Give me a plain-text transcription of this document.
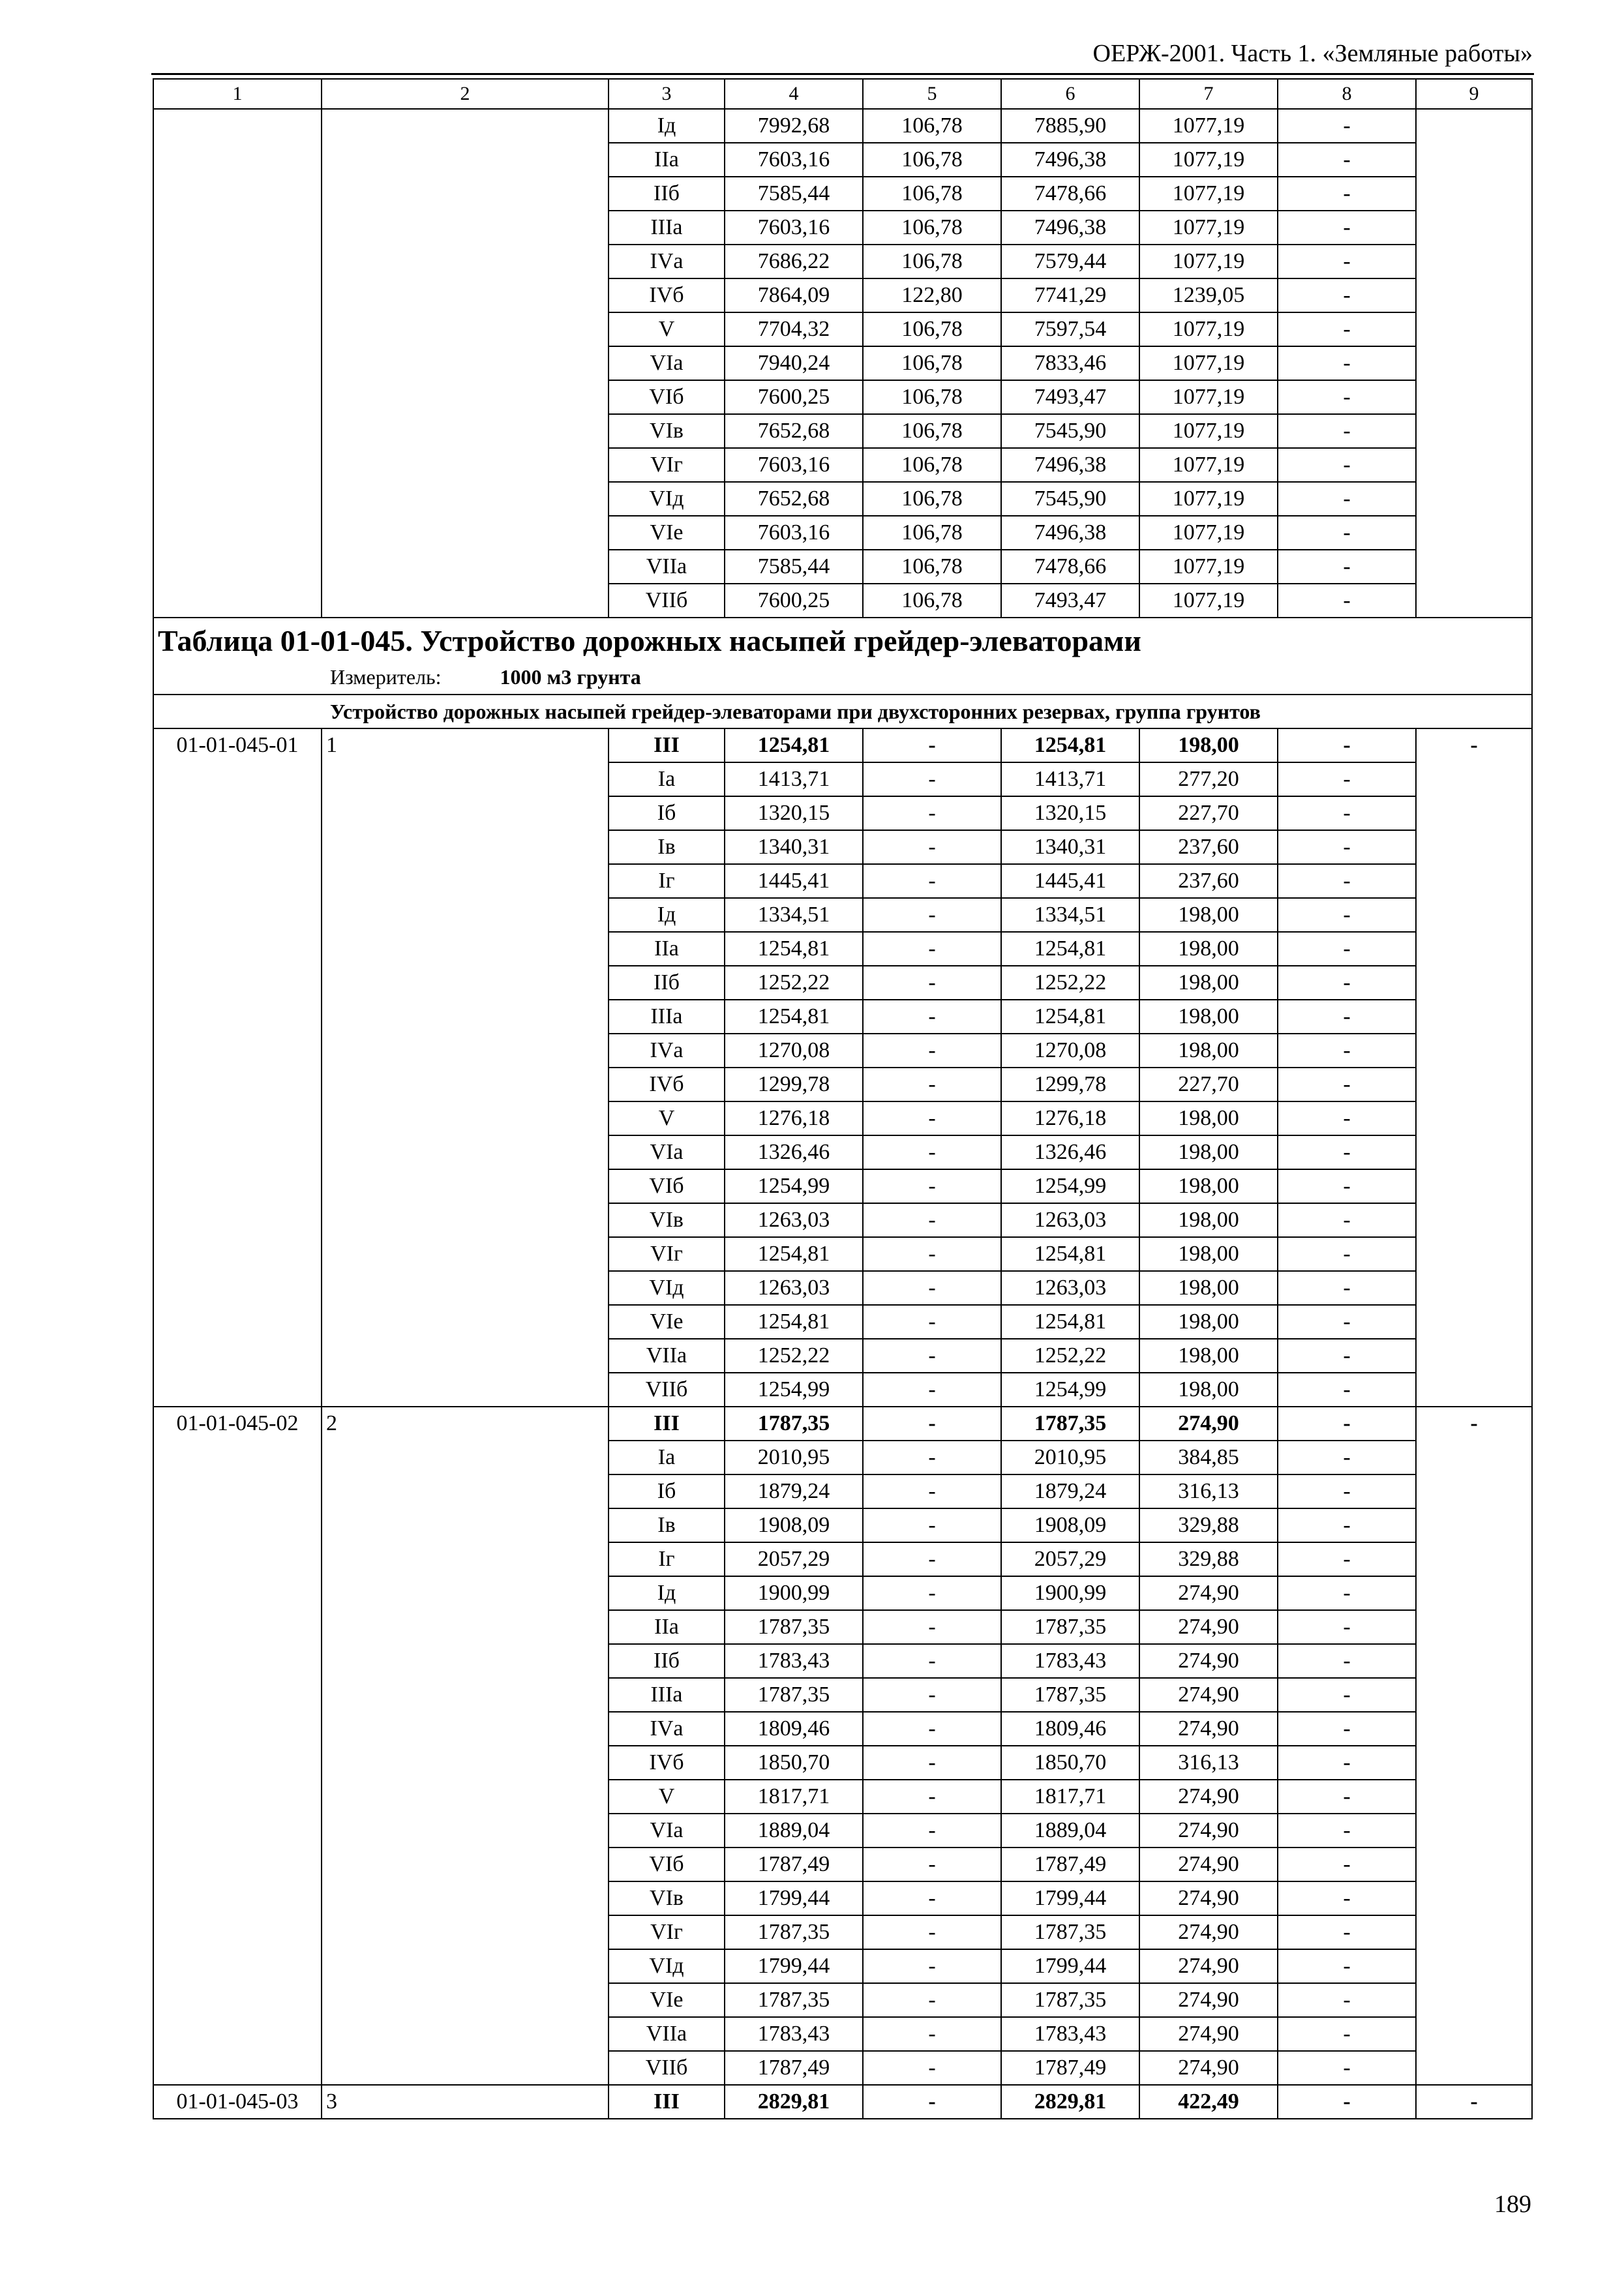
ОЕРЖ-2001. Часть 1. «Земляные работы»
1	2	3	4	5	6	7	8	9
		Iд	7992,68	106,78	7885,90	1077,19	-	
		IIа	7603,16	106,78	7496,38	1077,19	-	
		IIб	7585,44	106,78	7478,66	1077,19	-	
		IIIа	7603,16	106,78	7496,38	1077,19	-	
		IVа	7686,22	106,78	7579,44	1077,19	-	
		IVб	7864,09	122,80	7741,29	1239,05	-	
		V	7704,32	106,78	7597,54	1077,19	-	
		VIа	7940,24	106,78	7833,46	1077,19	-	
		VIб	7600,25	106,78	7493,47	1077,19	-	
		VIв	7652,68	106,78	7545,90	1077,19	-	
		VIг	7603,16	106,78	7496,38	1077,19	-	
		VIд	7652,68	106,78	7545,90	1077,19	-	
		VIе	7603,16	106,78	7496,38	1077,19	-	
		VIIа	7585,44	106,78	7478,66	1077,19	-	
		VIIб	7600,25	106,78	7493,47	1077,19	-	

Таблица 01-01-045. Устройство дорожных насыпей грейдер-элеваторами
Измеритель: 1000 м3 грунта								

Устройство дорожных насыпей грейдер-элеваторами при двухсторонних резервах, группа грунтов								
01-01-045-01	1	III	1254,81	-	1254,81	198,00	-	-
		Iа	1413,71	-	1413,71	277,20	-	
		Iб	1320,15	-	1320,15	227,70	-	
		Iв	1340,31	-	1340,31	237,60	-	
		Iг	1445,41	-	1445,41	237,60	-	
		Iд	1334,51	-	1334,51	198,00	-	
		IIа	1254,81	-	1254,81	198,00	-	
		IIб	1252,22	-	1252,22	198,00	-	
		IIIа	1254,81	-	1254,81	198,00	-	
		IVа	1270,08	-	1270,08	198,00	-	
		IVб	1299,78	-	1299,78	227,70	-	
		V	1276,18	-	1276,18	198,00	-	
		VIа	1326,46	-	1326,46	198,00	-	
		VIб	1254,99	-	1254,99	198,00	-	
		VIв	1263,03	-	1263,03	198,00	-	
		VIг	1254,81	-	1254,81	198,00	-	
		VIд	1263,03	-	1263,03	198,00	-	
		VIе	1254,81	-	1254,81	198,00	-	
		VIIа	1252,22	-	1252,22	198,00	-	
		VIIб	1254,99	-	1254,99	198,00	-	
01-01-045-02	2	III	1787,35	-	1787,35	274,90	-	-
		Iа	2010,95	-	2010,95	384,85	-	
		Iб	1879,24	-	1879,24	316,13	-	
		Iв	1908,09	-	1908,09	329,88	-	
		Iг	2057,29	-	2057,29	329,88	-	
		Iд	1900,99	-	1900,99	274,90	-	
		IIа	1787,35	-	1787,35	274,90	-	
		IIб	1783,43	-	1783,43	274,90	-	
		IIIа	1787,35	-	1787,35	274,90	-	
		IVа	1809,46	-	1809,46	274,90	-	
		IVб	1850,70	-	1850,70	316,13	-	
		V	1817,71	-	1817,71	274,90	-	
		VIа	1889,04	-	1889,04	274,90	-	
		VIб	1787,49	-	1787,49	274,90	-	
		VIв	1799,44	-	1799,44	274,90	-	
		VIг	1787,35	-	1787,35	274,90	-	
		VIд	1799,44	-	1799,44	274,90	-	
		VIе	1787,35	-	1787,35	274,90	-	
		VIIа	1783,43	-	1783,43	274,90	-	
		VIIб	1787,49	-	1787,49	274,90	-	
01-01-045-03	3	III	2829,81	-	2829,81	422,49	-	-
189
